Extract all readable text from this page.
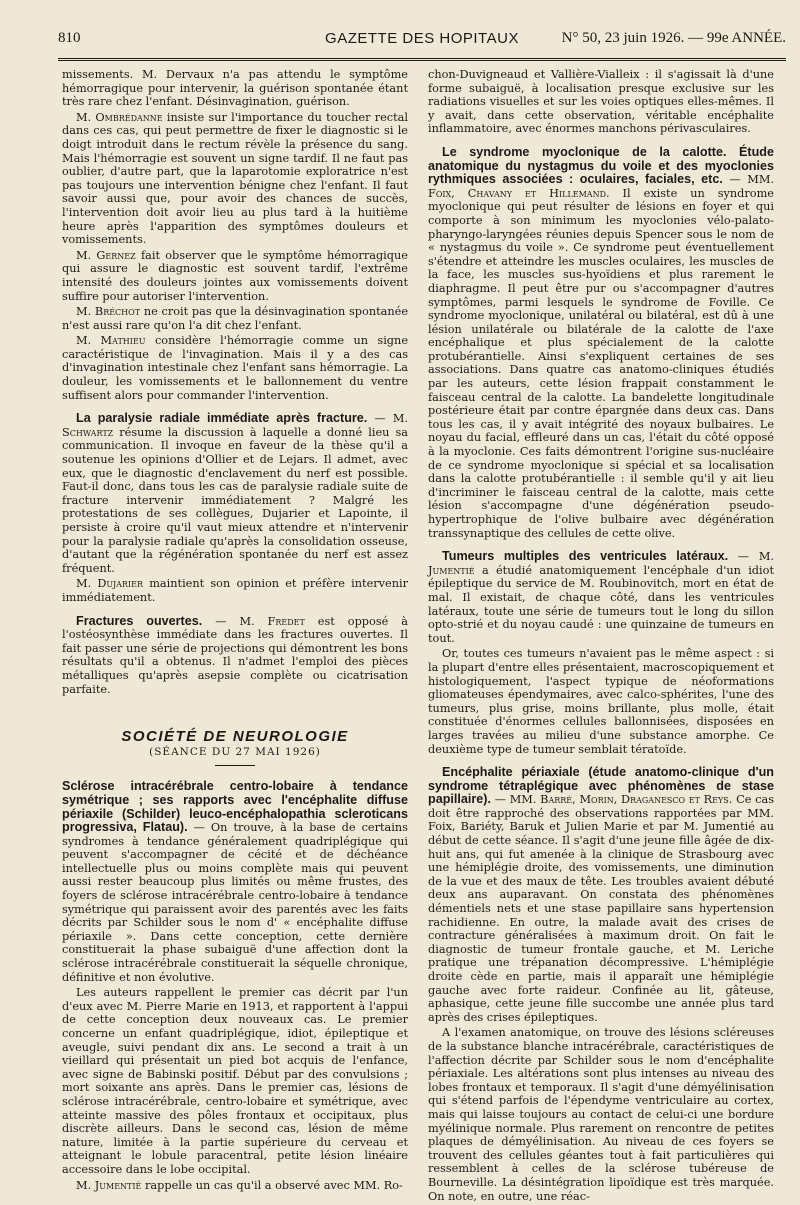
810	GAZETTE DES HOPITAUX	N° 50, 23 juin 1926. — 99e ANNÉE.

missements. M. Dervaux n'a pas attendu le symptôme hémorragique pour intervenir, la guérison spontanée étant très rare chez l'enfant. Désinvagination, guérison.

M. Ombrédanne insiste sur l'importance du toucher rectal dans ces cas, qui peut permettre de fixer le diagnostic si le doigt introduit dans le rectum révèle la présence du sang. Mais l'hémorragie est souvent un signe tardif. Il ne faut pas oublier, d'autre part, que la laparotomie exploratrice n'est pas toujours une intervention bénigne chez l'enfant. Il faut savoir aussi que, pour avoir des chances de succès, l'intervention doit avoir lieu au plus tard à la huitième heure après l'apparition des symptômes douleurs et vomissements.

M. Gernez fait observer que le symptôme hémorragique qui assure le diagnostic est souvent tardif, l'extrême intensité des douleurs jointes aux vomissements doivent suffire pour autoriser l'intervention.

M. Bréchot ne croit pas que la désinvagination spontanée n'est aussi rare qu'on l'a dit chez l'enfant.

M. Mathieu considère l'hémorragie comme un signe caractéristique de l'invagination. Mais il y a des cas d'invagination intestinale chez l'enfant sans hémorragie. La douleur, les vomissements et le ballonnement du ventre suffisent alors pour commander l'intervention.

La paralysie radiale immédiate après fracture. — M. Schwartz résume la discussion à laquelle a donné lieu sa communication. Il invoque en faveur de la thèse qu'il a soutenue les opinions d'Ollier et de Lejars. Il admet, avec eux, que le diagnostic d'enclavement du nerf est possible. Faut-il donc, dans tous les cas de paralysie radiale suite de fracture intervenir immédiatement ? Malgré les protestations de ses collègues, Dujarier et Lapointe, il persiste à croire qu'il vaut mieux attendre et n'intervenir pour la paralysie radiale qu'après la consolidation osseuse, d'autant que la régénération spontanée du nerf est assez fréquent.

M. Dujarier maintient son opinion et préfère intervenir immédiatement.

Fractures ouvertes. — M. Fredet est opposé à l'ostéosynthèse immédiate dans les fractures ouvertes. Il fait passer une série de projections qui démontrent les bons résultats qu'il a obtenus. Il n'admet l'emploi des pièces métalliques qu'après asepsie complète ou cicatrisation parfaite.

SOCIÉTÉ DE NEUROLOGIE
(SÉANCE DU 27 MAI 1926)

Sclérose intracérébrale centro-lobaire à tendance symétrique ; ses rapports avec l'encéphalite diffuse périaxile (Schilder) leuco-encéphalopathia scleroticans progressiva, Flatau). — On trouve, à la base de certains syndromes à tendance généralement quadriplégique qui peuvent s'accompagner de cécité et de déchéance intellectuelle plus ou moins complète mais qui peuvent aussi rester beaucoup plus limités ou même frustes, des foyers de sclérose intracérébrale centro-lobaire à tendance symétrique qui paraissent avoir des parentés avec les faits décrits par Schilder sous le nom d' « encéphalite diffuse périaxile ». Dans cette conception, cette dernière constituerait la phase subaiguë d'une affection dont la sclérose intracérébrale constituerait la séquelle chronique, définitive et non évolutive.

Les auteurs rappellent le premier cas décrit par l'un d'eux avec M. Pierre Marie en 1913, et rapportent à l'appui de cette conception deux nouveaux cas. Le premier concerne un enfant quadriplégique, idiot, épileptique et aveugle, suivi pendant dix ans. Le second a trait à un vieillard qui présentait un pied bot acquis de l'enfance, avec signe de Babinski positif. Début par des convulsions ; mort soixante ans après. Dans le premier cas, lésions de sclérose intracérébrale, centro-lobaire et symétrique, avec atteinte massive des pôles frontaux et occipitaux, plus discrète ailleurs. Dans le second cas, lésion de même nature, limitée à la partie supérieure du cerveau et atteignant le lobule paracentral, petite lésion linéaire accessoire dans le lobe occipital.

M. Jumentié rappelle un cas qu'il a observé avec MM. Ro-

chon-Duvigneaud et Vallière-Vialleix : il s'agissait là d'une forme subaiguë, à localisation presque exclusive sur les radiations visuelles et sur les voies optiques elles-mêmes. Il y avait, dans cette observation, véritable encéphalite inflammatoire, avec énormes manchons périvasculaires.

Le syndrome myoclonique de la calotte. Étude anatomique du nystagmus du voile et des myoclonies rythmiques associées : oculaires, faciales, etc. — MM. Foix, Chavany et Hillemand. Il existe un syndrome myoclonique qui peut résulter de lésions en foyer et qui comporte à son minimum les myoclonies vélo-palato-pharyngo-laryngées réunies depuis Spencer sous le nom de « nystagmus du voile ». Ce syndrome peut éventuellement s'étendre et atteindre les muscles oculaires, les muscles de la face, les muscles sus-hyoïdiens et plus rarement le diaphragme. Il peut être pur ou s'accompagner d'autres symptômes, parmi lesquels le syndrome de Foville. Ce syndrome myoclonique, unilatéral ou bilatéral, est dû à une lésion unilatérale ou bilatérale de la calotte de l'axe encéphalique et plus spécialement de la calotte protubérantielle. Ainsi s'expliquent certaines de ses associations. Dans quatre cas anatomo-cliniques étudiés par les auteurs, cette lésion frappait constamment le faisceau central de la calotte. La bandelette longitudinale postérieure était par contre épargnée dans deux cas. Dans tous les cas, il y avait intégrité des noyaux bulbaires. Le noyau du facial, effleuré dans un cas, l'était du côté opposé à la myoclonie. Ces faits démontrent l'origine sus-nucléaire de ce syndrome myoclonique si spécial et sa localisation dans la calotte protubérantielle : il semble qu'il y ait lieu d'incriminer le faisceau central de la calotte, mais cette lésion s'accompagne d'une dégénération pseudo-hypertrophique de l'olive bulbaire avec dégénération transsynaptique des cellules de cette olive.

Tumeurs multiples des ventricules latéraux. — M. Jumentié a étudié anatomiquement l'encéphale d'un idiot épileptique du service de M. Roubinovitch, mort en état de mal. Il existait, de chaque côté, dans les ventricules latéraux, toute une série de tumeurs tout le long du sillon opto-strié et du noyau caudé : une quinzaine de tumeurs en tout.

Or, toutes ces tumeurs n'avaient pas le même aspect : si la plupart d'entre elles présentaient, macroscopiquement et histologiquement, l'aspect typique de néoformations gliomateuses épendymaires, avec calco-sphérites, l'une des tumeurs, plus grise, moins brillante, plus molle, était constituée d'énormes cellules ballonnisées, disposées en larges travées au milieu d'une substance amorphe. Ce deuxième type de tumeur semblait tératoïde.

Encéphalite périaxiale (étude anatomo-clinique d'un syndrome tétraplégique avec phénomènes de stase papillaire). — MM. Barré, Morin, Draganesco et Reys. Ce cas doit être rapproché des observations rapportées par MM. Foix, Bariéty, Baruk et Julien Marie et par M. Jumentié au début de cette séance. Il s'agit d'une jeune fille âgée de dix-huit ans, qui fut amenée à la clinique de Strasbourg avec une hémiplégie droite, des vomissements, une diminution de la vue et des maux de tête. Les troubles avaient débuté deux ans auparavant. On constata des phénomènes démentiels nets et une stase papillaire sans hypertension rachidienne. En outre, la malade avait des crises de contracture généralisées à maximum droit. On fait le diagnostic de tumeur frontale gauche, et M. Leriche pratique une trépanation décompressive. L'hémiplégie droite cède en partie, mais il apparaît une hémiplégie gauche avec forte raideur. Confinée au lit, gâteuse, aphasique, cette jeune fille succombe une année plus tard après des crises épileptiques.

A l'examen anatomique, on trouve des lésions scléreuses de la substance blanche intracérébrale, caractéristiques de l'affection décrite par Schilder sous le nom d'encéphalite périaxiale. Les altérations sont plus intenses au niveau des lobes frontaux et temporaux. Il s'agit d'une démyélinisation qui s'étend parfois de l'épendyme ventriculaire au cortex, mais qui laisse toujours au contact de celui-ci une bordure myélinique normale. Plus rarement on rencontre de petites plaques de démyélinisation. Au niveau de ces foyers se trouvent des cellules géantes tout à fait particulières qui ressemblent à celles de la sclérose tubéreuse de Bourneville. La désintégration lipoïdique est très marquée. On note, en outre, une réac-
